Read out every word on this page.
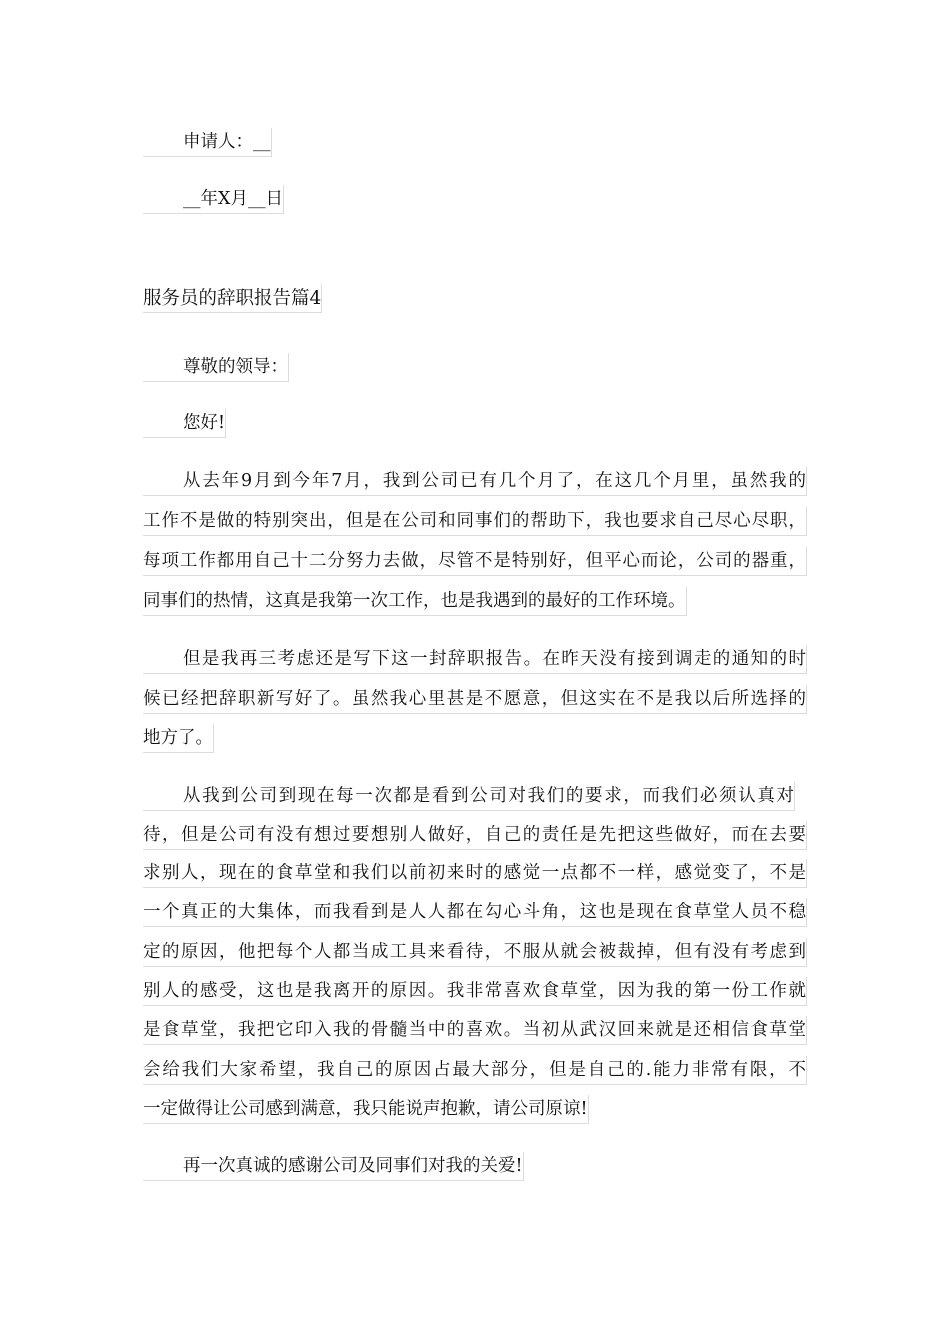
申请人：__
__年X月__日
服务员的辞职报告篇4
尊敬的领导：
您好!
从去年9月到今年7月，我到公司已有几个月了，在这几个月里，虽然我的
工作不是做的特别突出，但是在公司和同事们的帮助下，我也要求自己尽心尽职，
每项工作都用自己十二分努力去做，尽管不是特别好，但平心而论，公司的器重，
同事们的热情，这真是我第一次工作，也是我遇到的最好的工作环境。
但是我再三考虑还是写下这一封辞职报告。在昨天没有接到调走的通知的时
候已经把辞职新写好了。虽然我心里甚是不愿意，但这实在不是我以后所选择的
地方了。
从我到公司到现在每一次都是看到公司对我们的要求，而我们必须认真对
待，但是公司有没有想过要想别人做好，自己的责任是先把这些做好，而在去要
求别人，现在的食草堂和我们以前初来时的感觉一点都不一样，感觉变了，不是
一个真正的大集体，而我看到是人人都在勾心斗角，这也是现在食草堂人员不稳
定的原因，他把每个人都当成工具来看待，不服从就会被裁掉，但有没有考虑到
别人的感受，这也是我离开的原因。我非常喜欢食草堂，因为我的第一份工作就
是食草堂，我把它印入我的骨髓当中的喜欢。当初从武汉回来就是还相信食草堂
会给我们大家希望，我自己的原因占最大部分，但是自己的.能力非常有限，不
一定做得让公司感到满意，我只能说声抱歉，请公司原谅!
再一次真诚的感谢公司及同事们对我的关爱!
